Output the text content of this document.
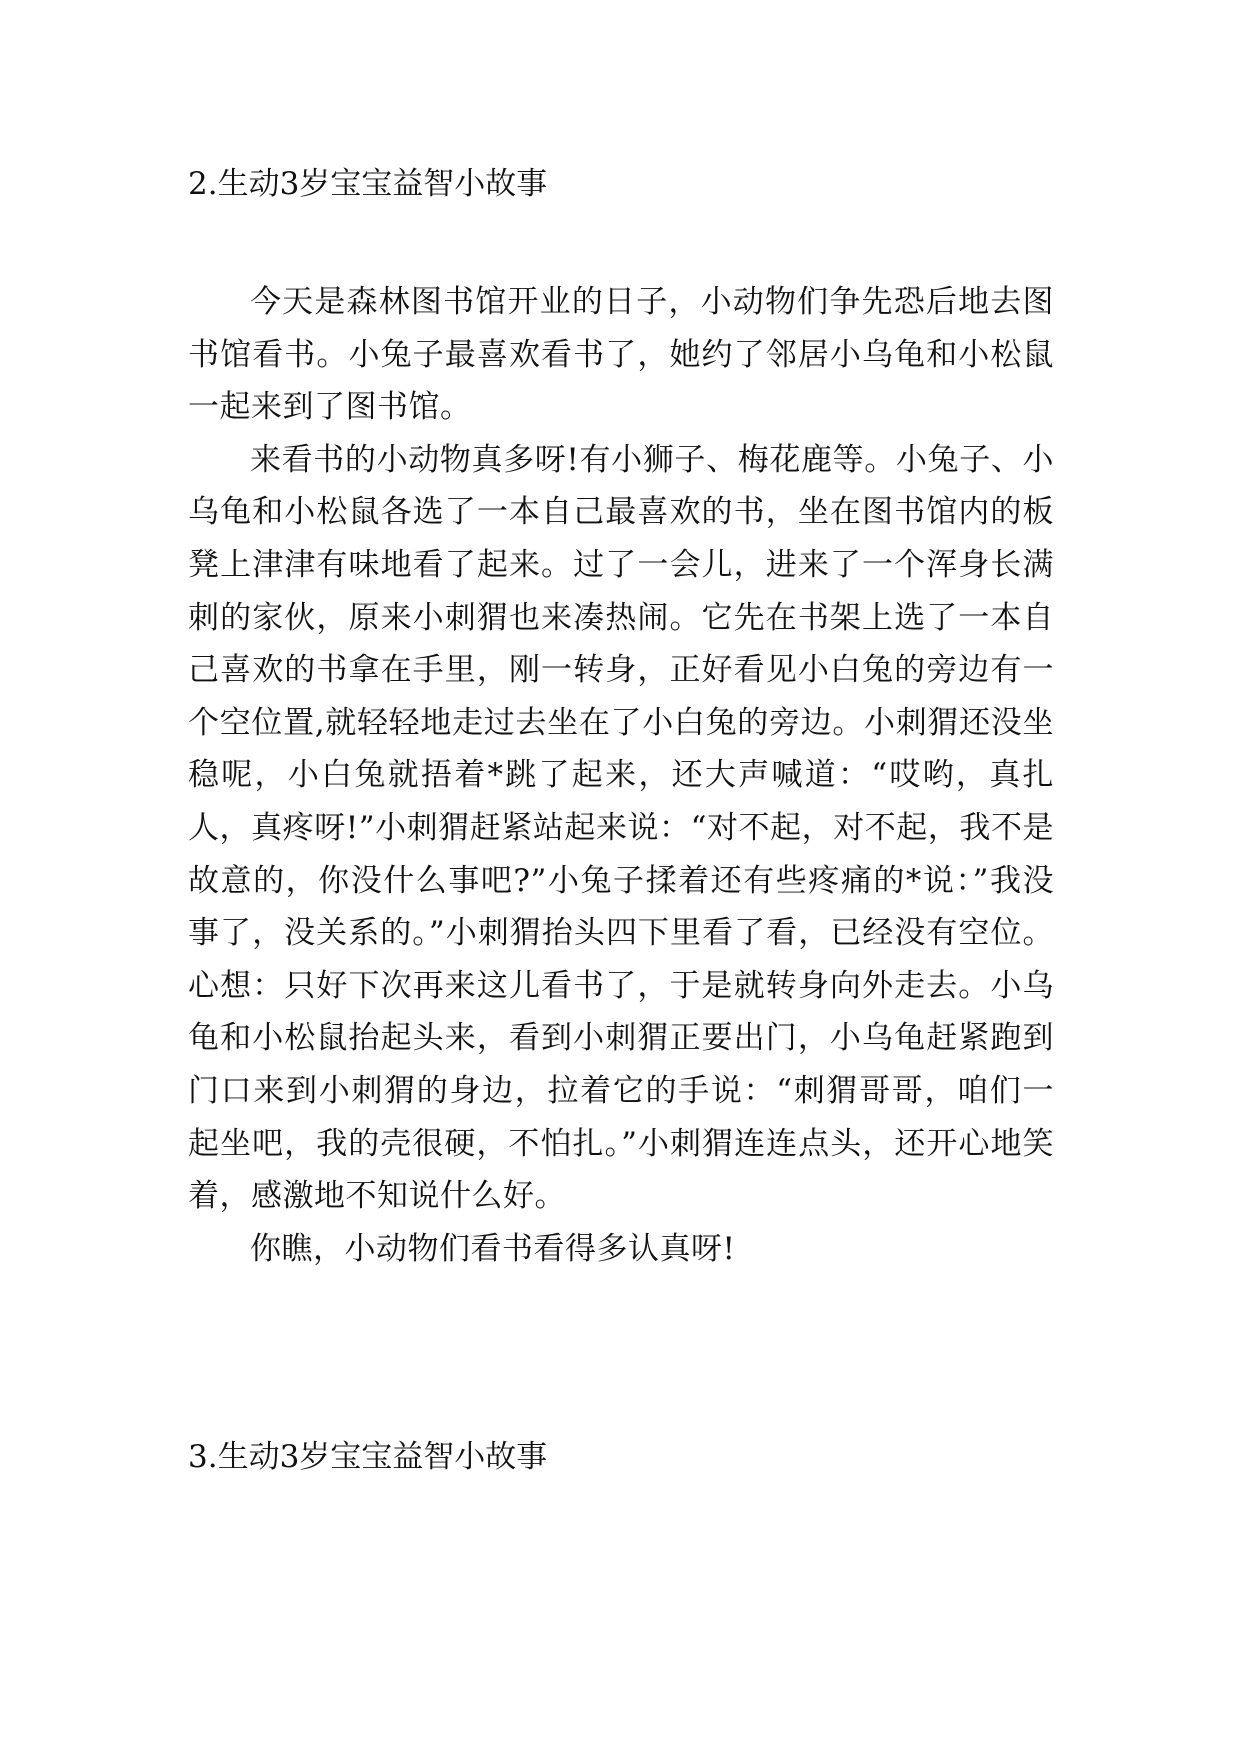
2.生动3岁宝宝益智小故事

今天是森林图书馆开业的日子，小动物们争先恐后地去图书馆看书。小兔子最喜欢看书了，她约了邻居小乌龟和小松鼠一起来到了图书馆。

来看书的小动物真多呀!有小狮子、梅花鹿等。小兔子、小乌龟和小松鼠各选了一本自己最喜欢的书，坐在图书馆内的板凳上津津有味地看了起来。过了一会儿，进来了一个浑身长满刺的家伙，原来小刺猬也来凑热闹。它先在书架上选了一本自己喜欢的书拿在手里，刚一转身，正好看见小白兔的旁边有一个空位置,就轻轻地走过去坐在了小白兔的旁边。小刺猬还没坐稳呢，小白兔就捂着*跳了起来，还大声喊道：“哎哟，真扎人，真疼呀!”小刺猬赶紧站起来说：“对不起，对不起，我不是故意的，你没什么事吧?”小兔子揉着还有些疼痛的*说：”我没事了，没关系的。”小刺猬抬头四下里看了看，已经没有空位。心想：只好下次再来这儿看书了，于是就转身向外走去。小乌龟和小松鼠抬起头来，看到小刺猬正要出门，小乌龟赶紧跑到门口来到小刺猬的身边，拉着它的手说：“刺猬哥哥，咱们一起坐吧，我的壳很硬，不怕扎。”小刺猬连连点头，还开心地笑着，感激地不知说什么好。

你瞧，小动物们看书看得多认真呀!

3.生动3岁宝宝益智小故事
